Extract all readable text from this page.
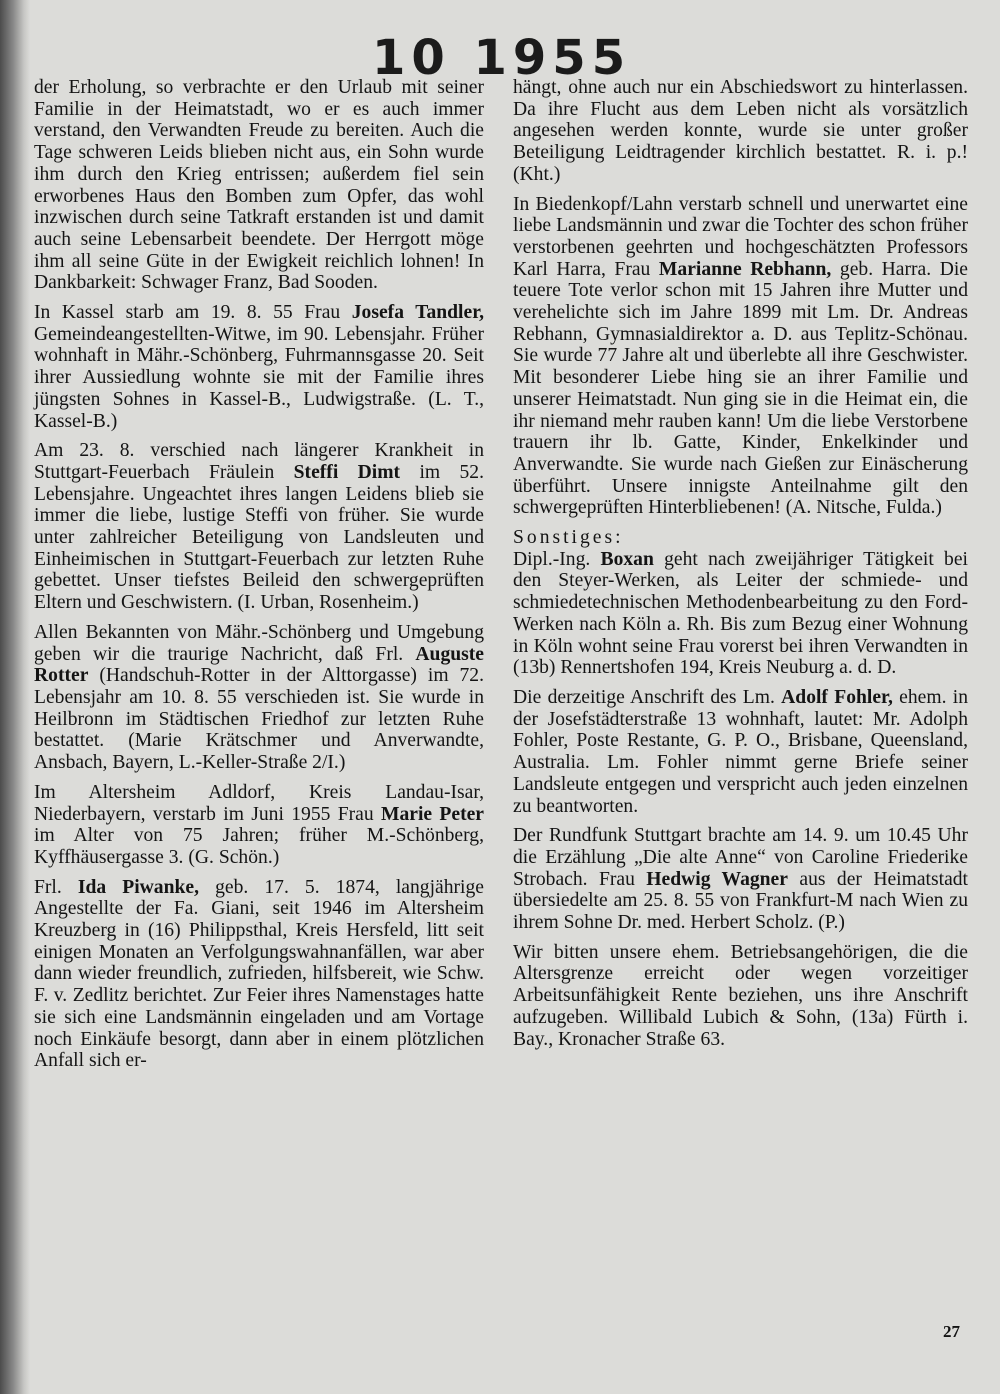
10 1955

der Erholung, so verbrachte er den Urlaub mit seiner Familie in der Heimatstadt, wo er es auch immer verstand, den Verwandten Freude zu bereiten. Auch die Tage schweren Leids blieben nicht aus, ein Sohn wurde ihm durch den Krieg entrissen; außerdem fiel sein erworbenes Haus den Bomben zum Opfer, das wohl inzwischen durch seine Tatkraft erstanden ist und damit auch seine Lebensarbeit beendete. Der Herrgott möge ihm all seine Güte in der Ewigkeit reichlich lohnen! In Dankbarkeit: Schwager Franz, Bad Sooden.

In Kassel starb am 19. 8. 55 Frau Josefa Tandler, Gemeindeangestellten-Witwe, im 90. Lebensjahr. Früher wohnhaft in Mähr.-Schönberg, Fuhrmannsgasse 20. Seit ihrer Aussiedlung wohnte sie mit der Familie ihres jüngsten Sohnes in Kassel-B., Ludwigstraße. (L. T., Kassel-B.)

Am 23. 8. verschied nach längerer Krankheit in Stuttgart-Feuerbach Fräulein Steffi Dimt im 52. Lebensjahre. Ungeachtet ihres langen Leidens blieb sie immer die liebe, lustige Steffi von früher. Sie wurde unter zahlreicher Beteiligung von Landsleuten und Einheimischen in Stuttgart-Feuerbach zur letzten Ruhe gebettet. Unser tiefstes Beileid den schwergeprüften Eltern und Geschwistern. (I. Urban, Rosenheim.)

Allen Bekannten von Mähr.-Schönberg und Umgebung geben wir die traurige Nachricht, daß Frl. Auguste Rotter (Handschuh-Rotter in der Alttorgasse) im 72. Lebensjahr am 10. 8. 55 verschieden ist. Sie wurde in Heilbronn im Städtischen Friedhof zur letzten Ruhe bestattet. (Marie Krätschmer und Anverwandte, Ansbach, Bayern, L.-Keller-Straße 2/I.)

Im Altersheim Adldorf, Kreis Landau-Isar, Niederbayern, verstarb im Juni 1955 Frau Marie Peter im Alter von 75 Jahren; früher M.-Schönberg, Kyffhäusergasse 3. (G. Schön.)

Frl. Ida Piwanke, geb. 17. 5. 1874, langjährige Angestellte der Fa. Giani, seit 1946 im Altersheim Kreuzberg in (16) Philippsthal, Kreis Hersfeld, litt seit einigen Monaten an Verfolgungswahnanfällen, war aber dann wieder freundlich, zufrieden, hilfsbereit, wie Schw. F. v. Zedlitz berichtet. Zur Feier ihres Namenstages hatte sie sich eine Landsmännin eingeladen und am Vortage noch Einkäufe besorgt, dann aber in einem plötzlichen Anfall sich er-

hängt, ohne auch nur ein Abschiedswort zu hinterlassen. Da ihre Flucht aus dem Leben nicht als vorsätzlich angesehen werden konnte, wurde sie unter großer Beteiligung Leidtragender kirchlich bestattet. R. i. p.! (Kht.)

In Biedenkopf/Lahn verstarb schnell und unerwartet eine liebe Landsmännin und zwar die Tochter des schon früher verstorbenen geehrten und hochgeschätzten Professors Karl Harra, Frau Marianne Rebhann, geb. Harra. Die teuere Tote verlor schon mit 15 Jahren ihre Mutter und verehelichte sich im Jahre 1899 mit Lm. Dr. Andreas Rebhann, Gymnasialdirektor a. D. aus Teplitz-Schönau. Sie wurde 77 Jahre alt und überlebte all ihre Geschwister. Mit besonderer Liebe hing sie an ihrer Familie und unserer Heimatstadt. Nun ging sie in die Heimat ein, die ihr niemand mehr rauben kann! Um die liebe Verstorbene trauern ihr lb. Gatte, Kinder, Enkelkinder und Anverwandte. Sie wurde nach Gießen zur Einäscherung überführt. Unsere innigste Anteilnahme gilt den schwergeprüften Hinterbliebenen! (A. Nitsche, Fulda.)

Sonstiges:

Dipl.-Ing. Boxan geht nach zweijähriger Tätigkeit bei den Steyer-Werken, als Leiter der schmiede- und schmiedetechnischen Methodenbearbeitung zu den Ford-Werken nach Köln a. Rh. Bis zum Bezug einer Wohnung in Köln wohnt seine Frau vorerst bei ihren Verwandten in (13b) Rennertshofen 194, Kreis Neuburg a. d. D.

Die derzeitige Anschrift des Lm. Adolf Fohler, ehem. in der Josefstädterstraße 13 wohnhaft, lautet: Mr. Adolph Fohler, Poste Restante, G. P. O., Brisbane, Queensland, Australia. Lm. Fohler nimmt gerne Briefe seiner Landsleute entgegen und verspricht auch jeden einzelnen zu beantworten.

Der Rundfunk Stuttgart brachte am 14. 9. um 10.45 Uhr die Erzählung „Die alte Anne“ von Caroline Friederike Strobach. Frau Hedwig Wagner aus der Heimatstadt übersiedelte am 25. 8. 55 von Frankfurt-M nach Wien zu ihrem Sohne Dr. med. Herbert Scholz. (P.)

Wir bitten unsere ehem. Betriebsangehörigen, die die Altersgrenze erreicht oder wegen vorzeitiger Arbeitsunfähigkeit Rente beziehen, uns ihre Anschrift aufzugeben. Willibald Lubich & Sohn, (13a) Fürth i. Bay., Kronacher Straße 63.

27
